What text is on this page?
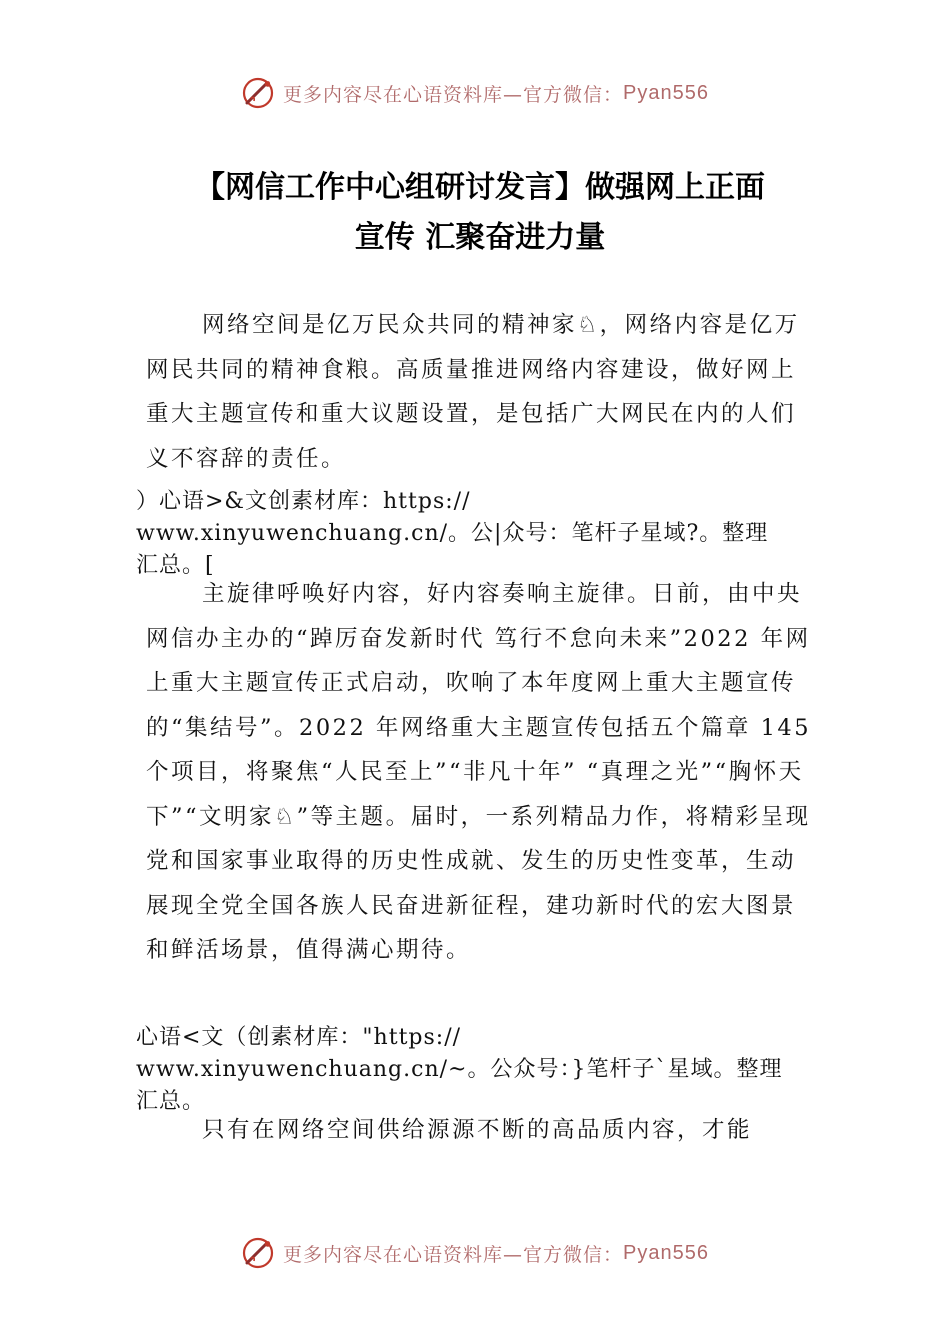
更多内容尽在心语资料库—官方微信： Pyan556
【网信工作中心组研讨发言】做强网上正面
宣传 汇聚奋进力量
网络空间是亿万民众共同的精神家♘，网络内容是亿万网民共同的精神食粮。高质量推进网络内容建设，做好网上重大主题宣传和重大议题设置，是包括广大网民在内的人们义不容辞的责任。
）心语>&文创素材库：https://
www.xinyuwenchuang.cn/。公|众号：笔杆子星域?。整理
汇总。[
主旋律呼唤好内容，好内容奏响主旋律。日前，由中央网信办主办的“踔厉奋发新时代 笃行不怠向未来”2022 年网上重大主题宣传正式启动，吹响了本年度网上重大主题宣传的“集结号”。2022 年网络重大主题宣传包括五个篇章 145 个项目，将聚焦“人民至上”“非凡十年” “真理之光”“胸怀天下”“文明家♘”等主题。届时，一系列精品力作，将精彩呈现党和国家事业取得的历史性成就、发生的历史性变革，生动展现全党全国各族人民奋进新征程，建功新时代的宏大图景和鲜活场景，值得满心期待。
心语<文（创素材库："https://
www.xinyuwenchuang.cn/~。公众号：}笔杆子`星域。整理
汇总。
只有在网络空间供给源源不断的高品质内容，才能
更多内容尽在心语资料库—官方微信： Pyan556
